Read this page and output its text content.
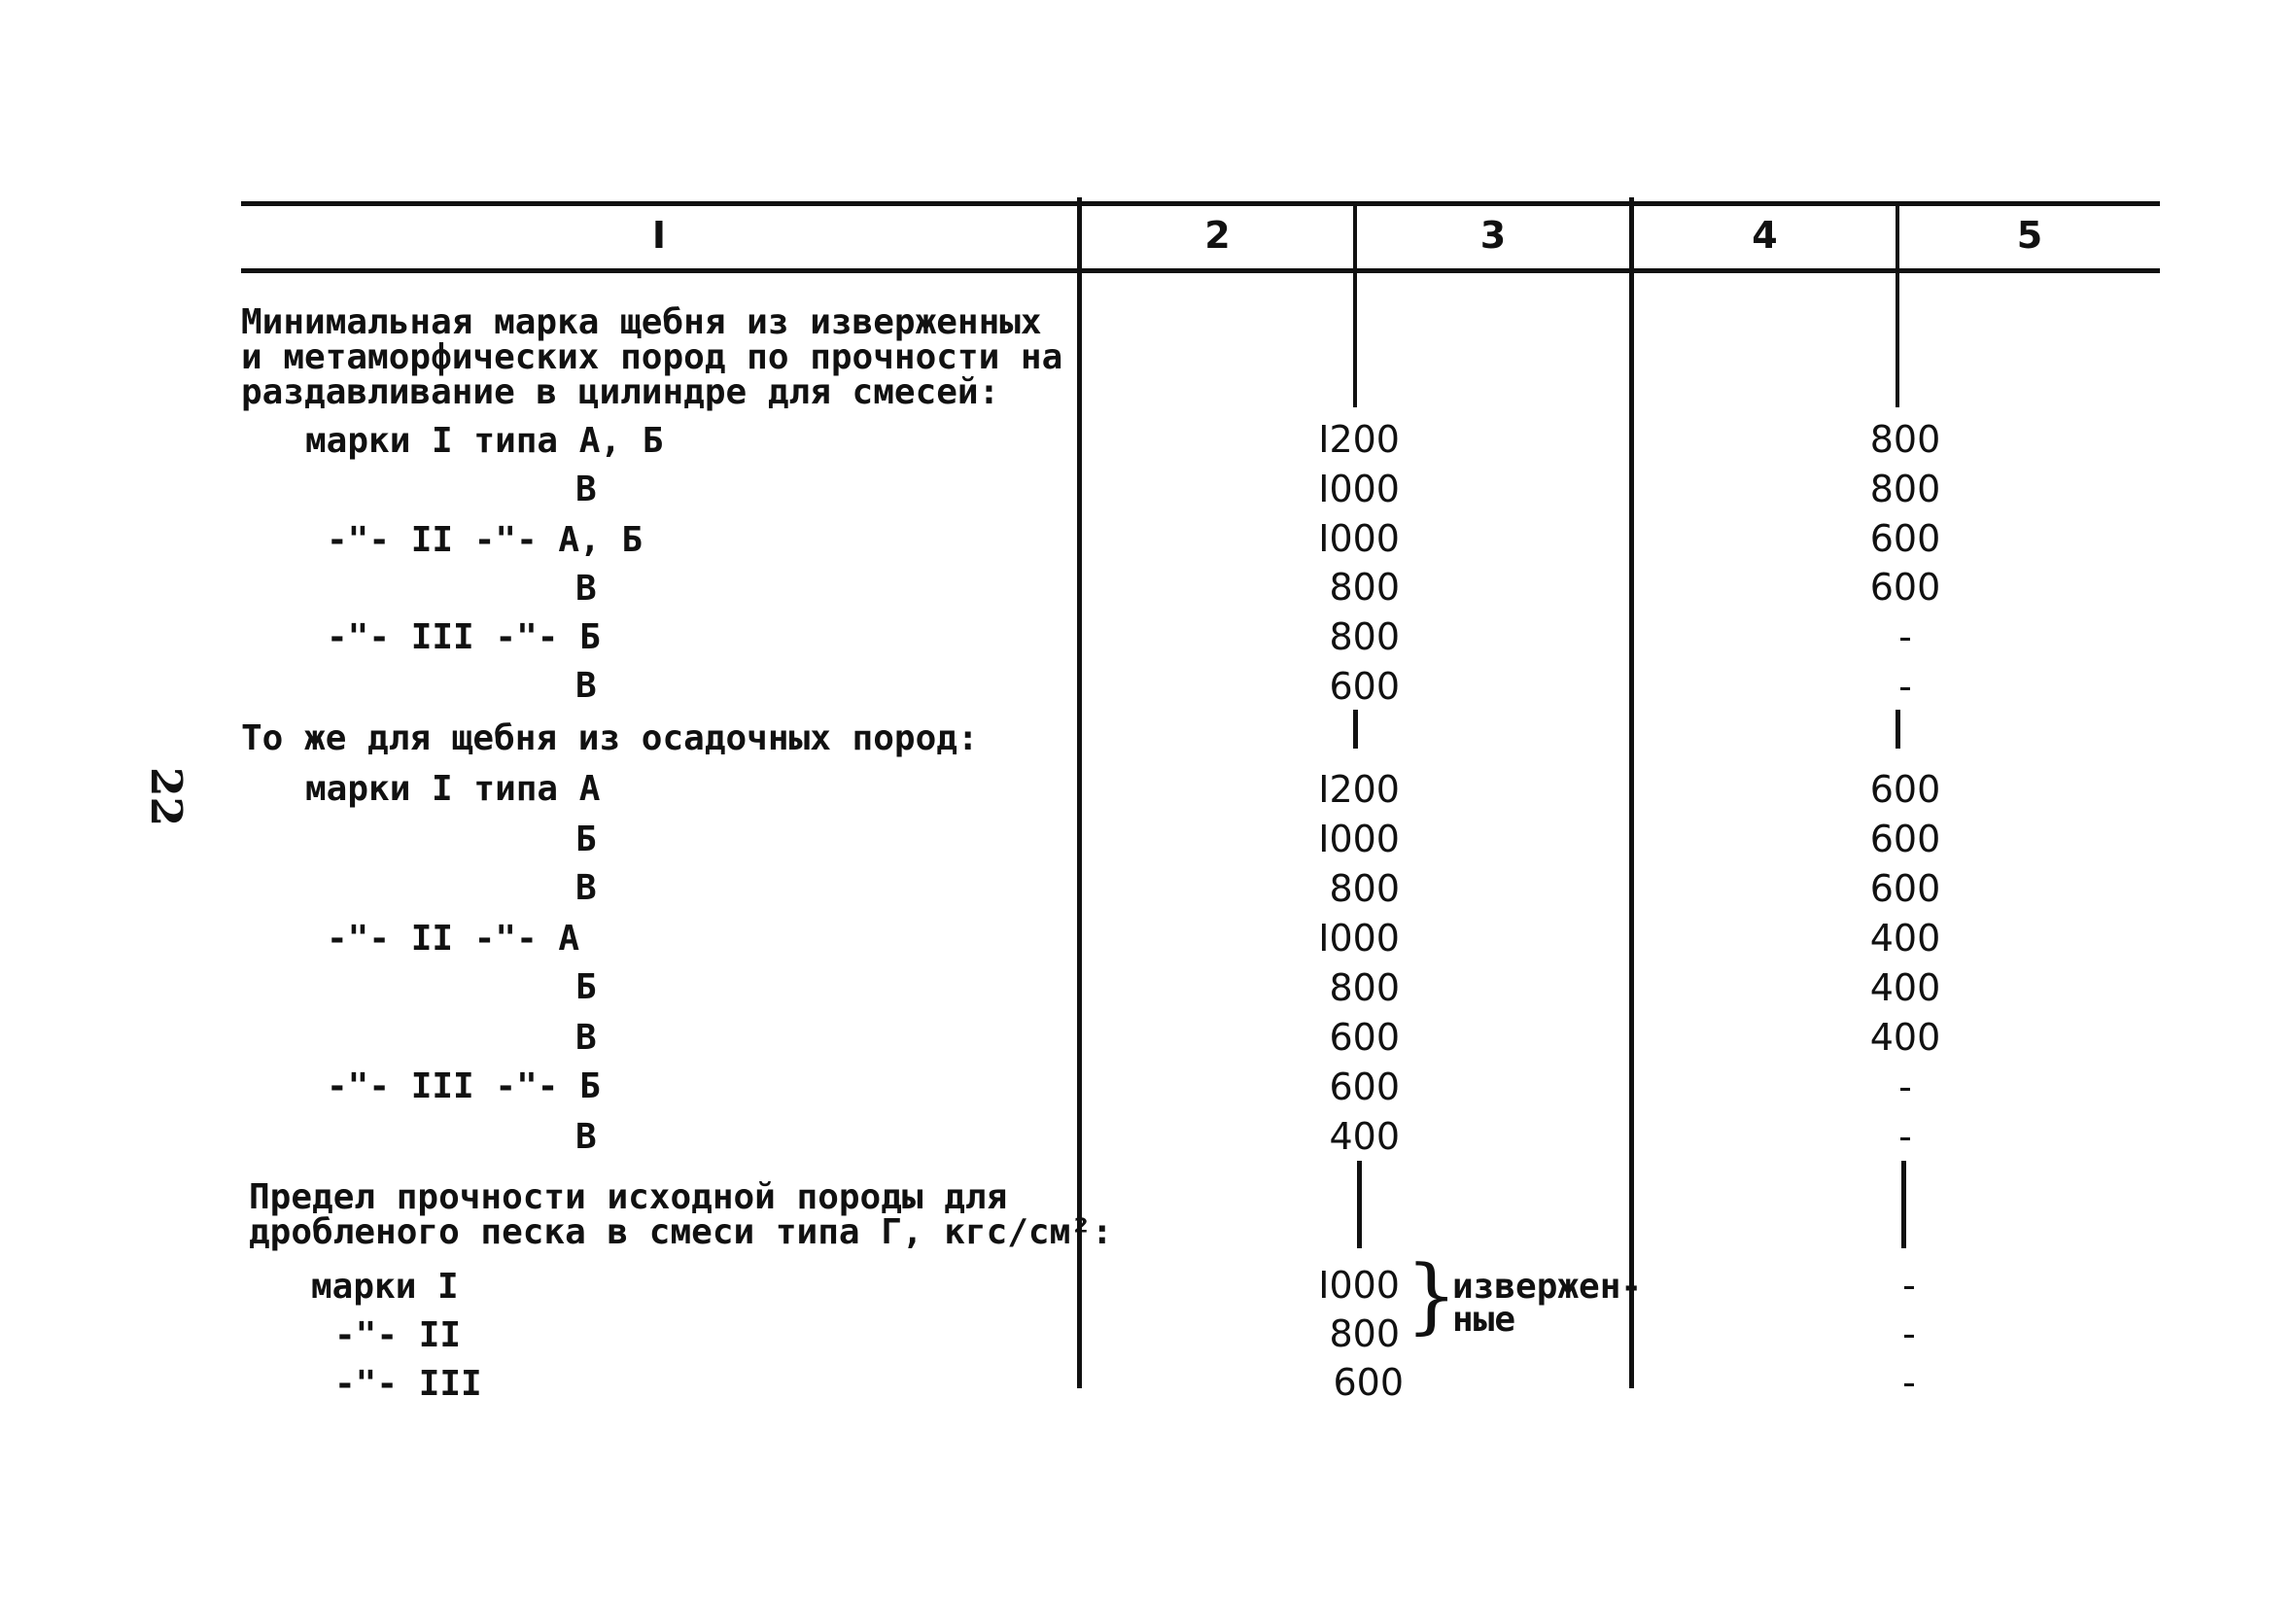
22
I	2	3	4	5
Минимальная марка щебня из изверженных
и метаморфических пород по прочности на
раздавливание в цилиндре для смесей:
марки I типа А, Б	I200	800
В	I000	800
-"- II -"- А, Б	I000	600
В	800	600
-"- III -"- Б	800	-
В	600	-
То же для щебня из осадочных пород:
марки I типа А	I200	600
Б	I000	600
В	800	600
-"- II -"- А	I000	400
Б	800	400
В	600	400
-"- III -"- Б	600	-
В	400	-
Предел прочности исходной породы для
дробленого песка в смеси типа Г, кгс/см²:
марки I	I000	-
-"- II	800	-
-"- III	600	-
}
извержен-
ные
